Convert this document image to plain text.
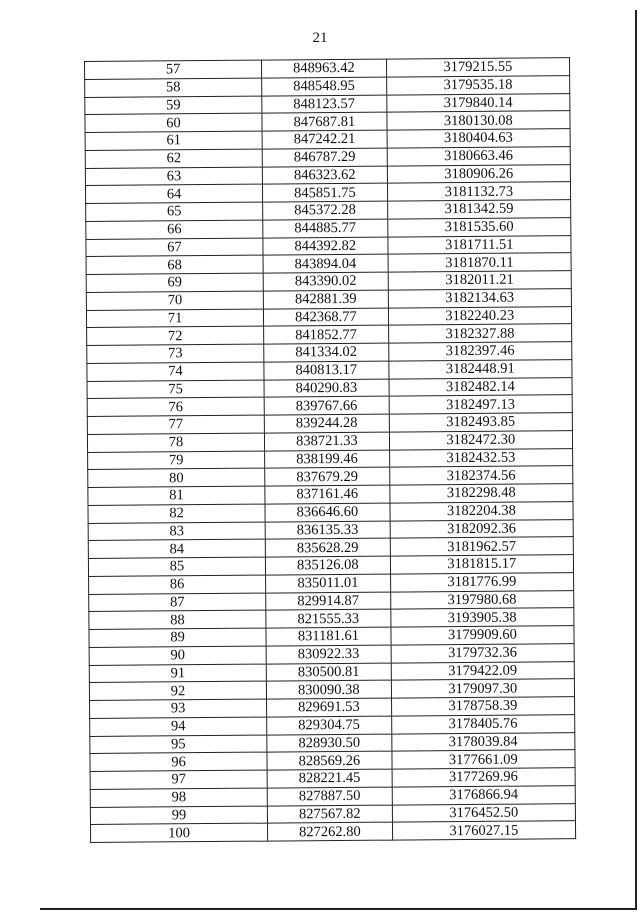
21
57	848963.42	3179215.55
58	848548.95	3179535.18
59	848123.57	3179840.14
60	847687.81	3180130.08
61	847242.21	3180404.63
62	846787.29	3180663.46
63	846323.62	3180906.26
64	845851.75	3181132.73
65	845372.28	3181342.59
66	844885.77	3181535.60
67	844392.82	3181711.51
68	843894.04	3181870.11
69	843390.02	3182011.21
70	842881.39	3182134.63
71	842368.77	3182240.23
72	841852.77	3182327.88
73	841334.02	3182397.46
74	840813.17	3182448.91
75	840290.83	3182482.14
76	839767.66	3182497.13
77	839244.28	3182493.85
78	838721.33	3182472.30
79	838199.46	3182432.53
80	837679.29	3182374.56
81	837161.46	3182298.48
82	836646.60	3182204.38
83	836135.33	3182092.36
84	835628.29	3181962.57
85	835126.08	3181815.17
86	835011.01	3181776.99
87	829914.87	3197980.68
88	821555.33	3193905.38
89	831181.61	3179909.60
90	830922.33	3179732.36
91	830500.81	3179422.09
92	830090.38	3179097.30
93	829691.53	3178758.39
94	829304.75	3178405.76
95	828930.50	3178039.84
96	828569.26	3177661.09
97	828221.45	3177269.96
98	827887.50	3176866.94
99	827567.82	3176452.50
100	827262.80	3176027.15
